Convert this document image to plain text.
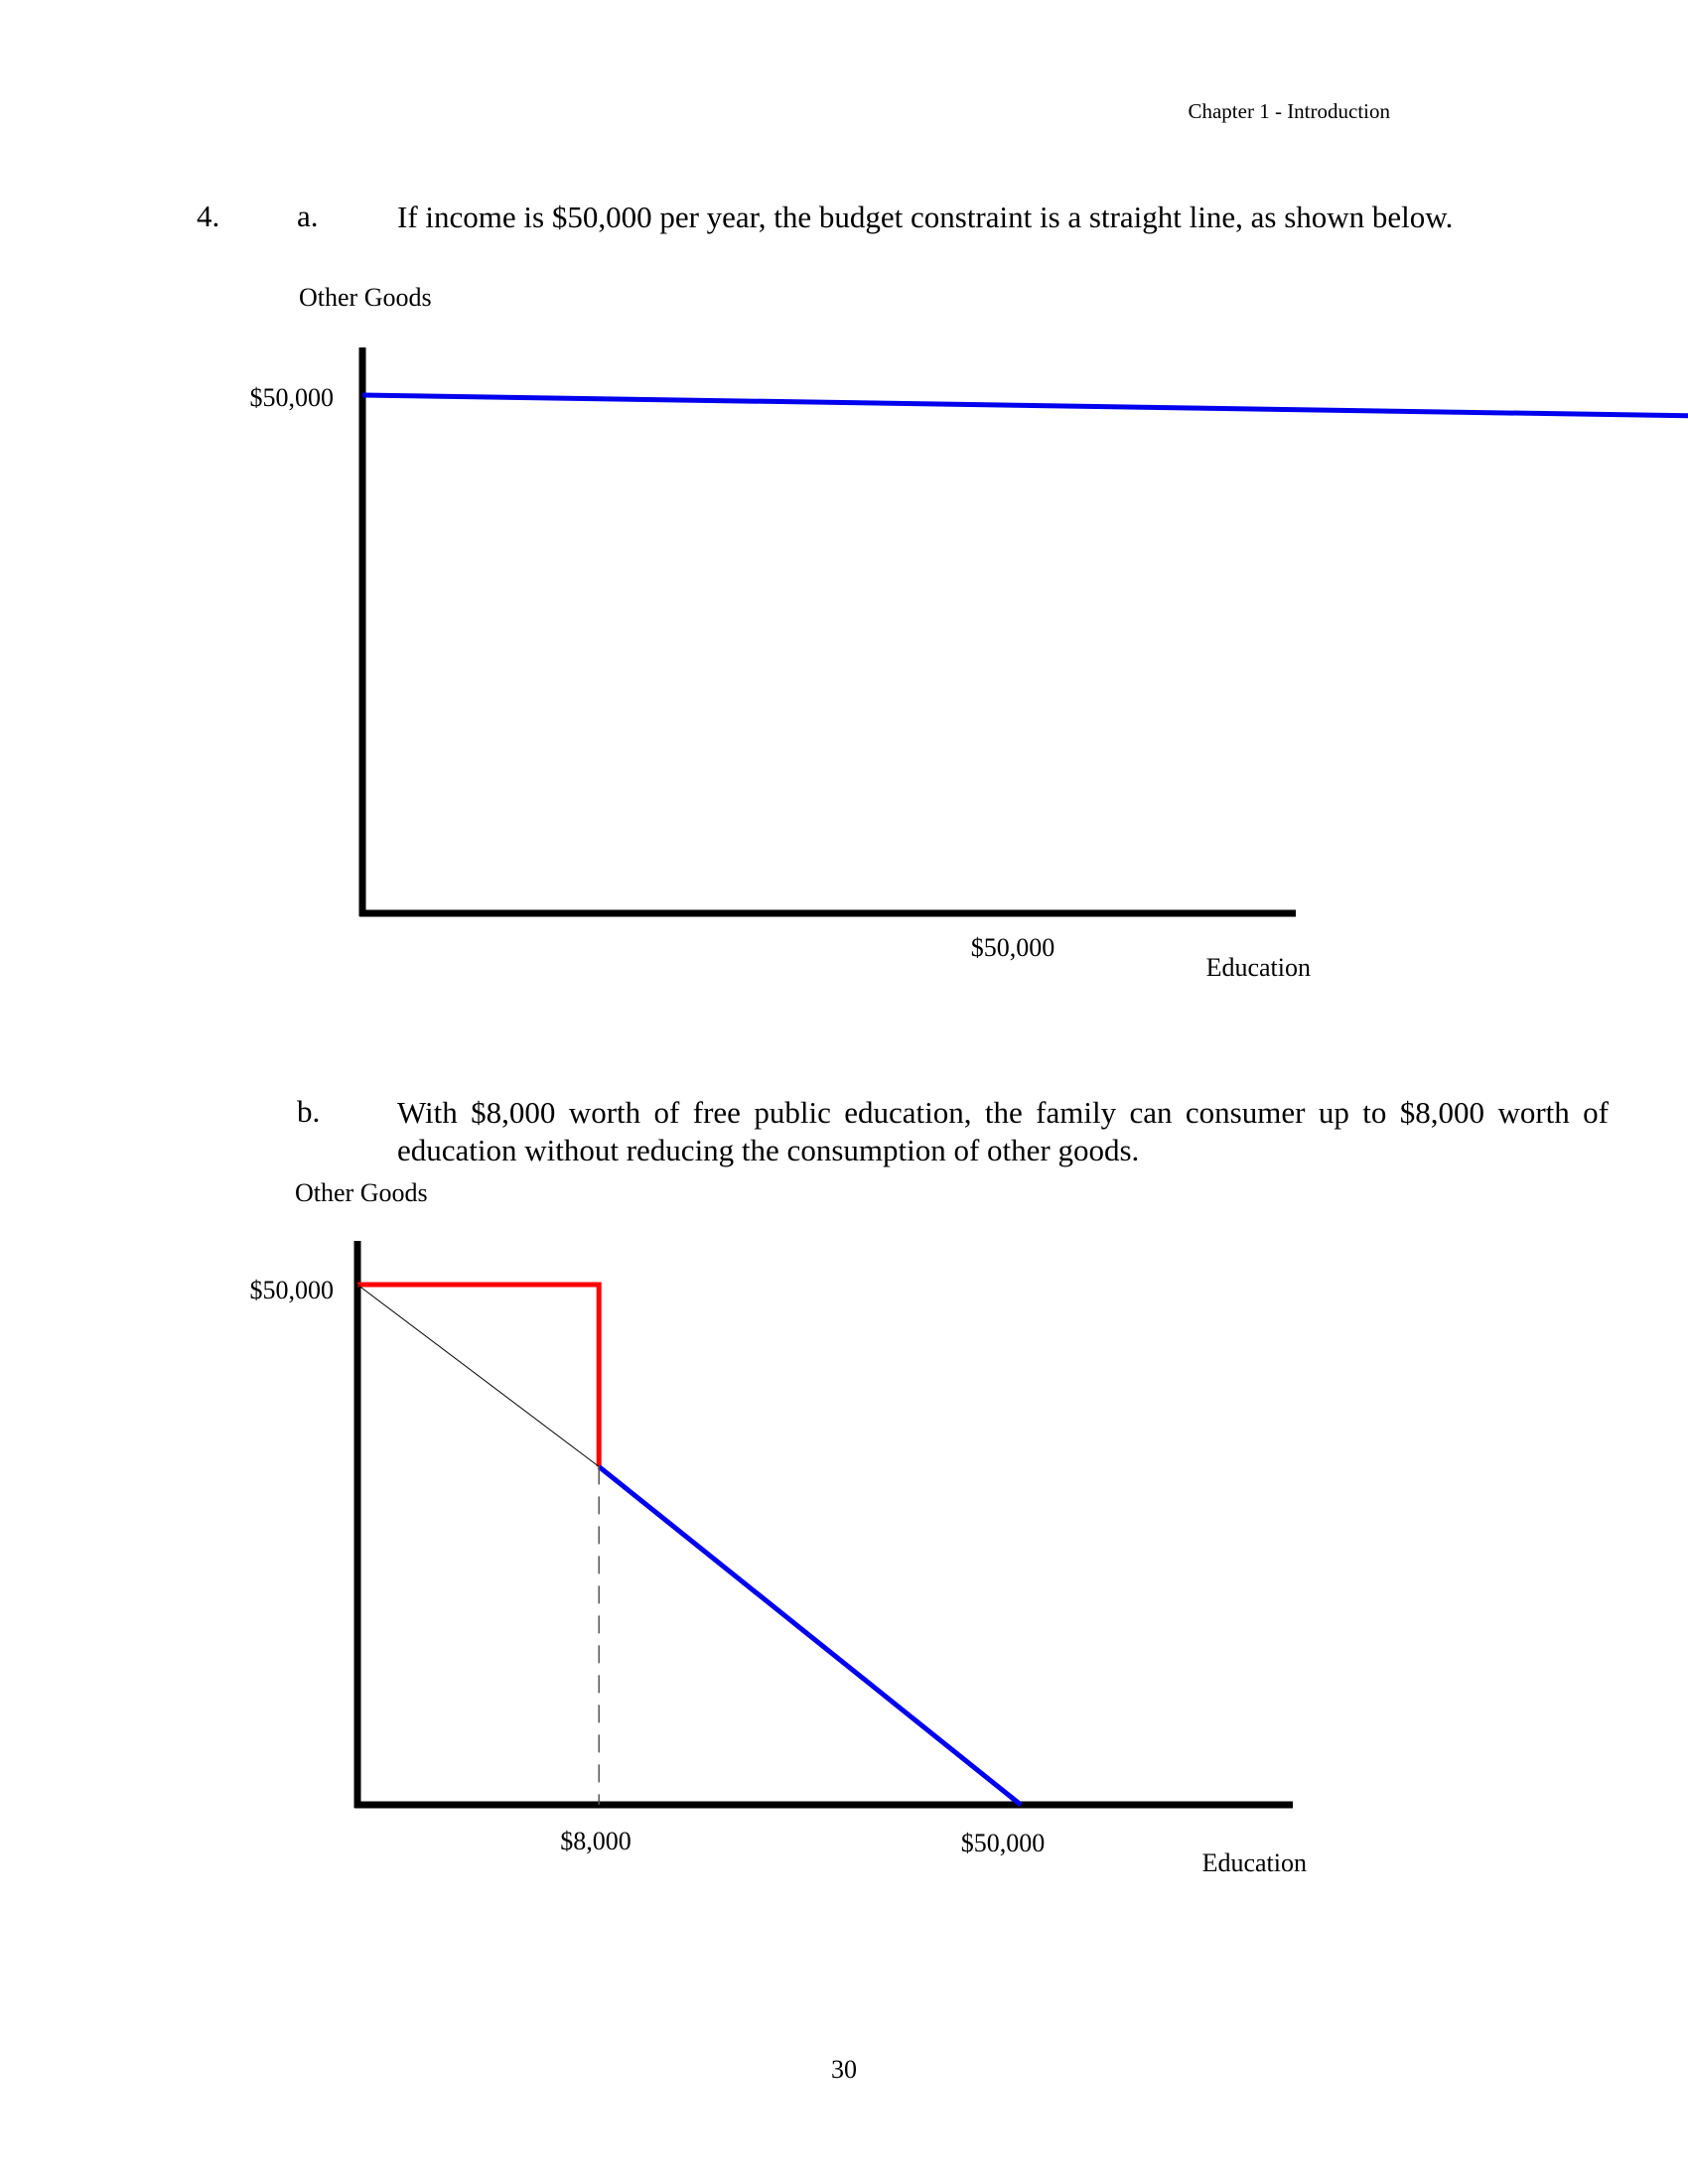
Chapter 1 - Introduction
4.	a.	If income is $50,000 per year, the budget constraint is a straight line, as shown below.
Other Goods
$50,000
$50,000
Education
b.	With $8,000 worth of free public education, the family can consumer up to $8,000 worth of education without reducing the consumption of other goods.
Other Goods
$50,000
$8,000	$50,000
Education
30
